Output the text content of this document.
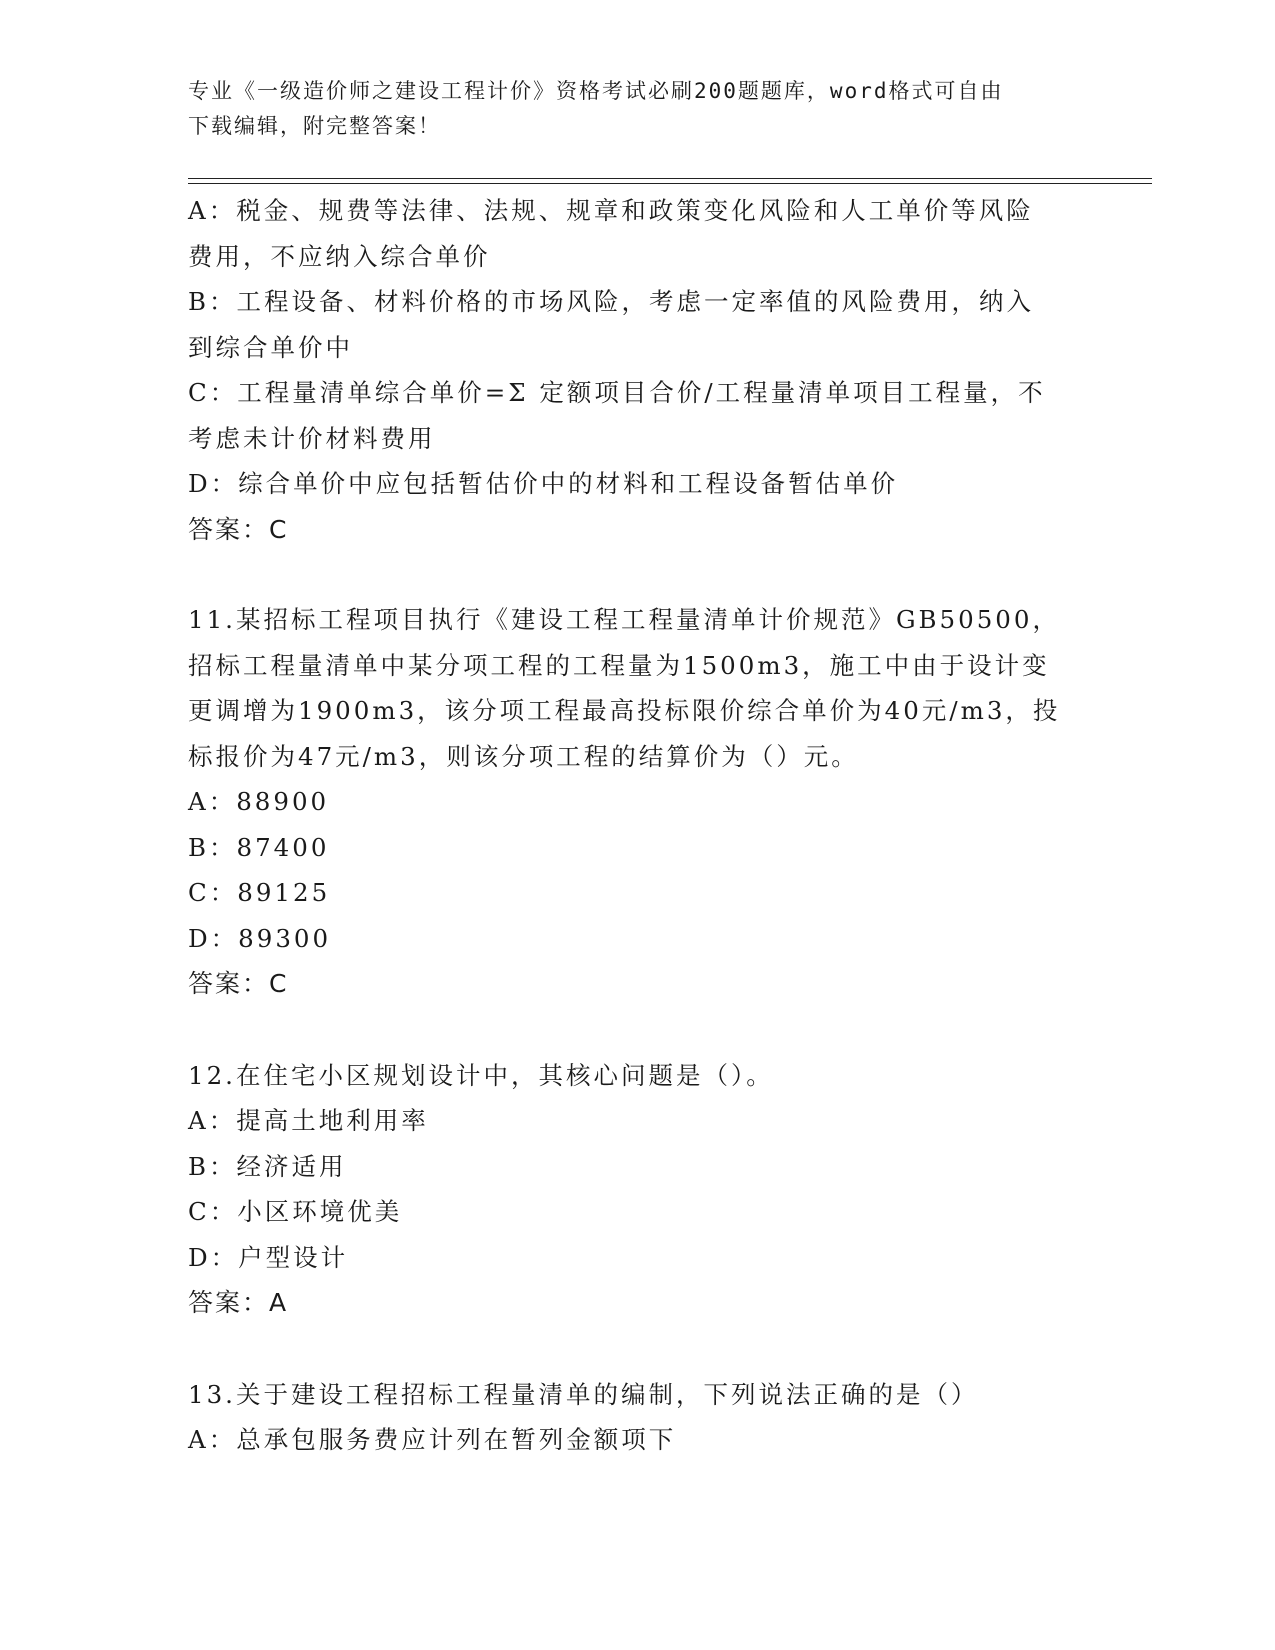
专业《一级造价师之建设工程计价》资格考试必刷200题题库，word格式可自由
下载编辑，附完整答案！
A：税金、规费等法律、法规、规章和政策变化风险和人工单价等风险
费用，不应纳入综合单价
B：工程设备、材料价格的市场风险，考虑一定率值的风险费用，纳入
到综合单价中
C：工程量清单综合单价=Σ 定额项目合价/工程量清单项目工程量，不
考虑未计价材料费用
D：综合单价中应包括暂估价中的材料和工程设备暂估单价
答案：C
11.某招标工程项目执行《建设工程工程量清单计价规范》GB50500，
招标工程量清单中某分项工程的工程量为1500m3，施工中由于设计变
更调增为1900m3，该分项工程最高投标限价综合单价为40元/m3，投
标报价为47元/m3，则该分项工程的结算价为（）元。
A：88900
B：87400
C：89125
D：89300
答案：C
12.在住宅小区规划设计中，其核心问题是（）。
A：提高土地利用率
B：经济适用
C：小区环境优美
D：户型设计
答案：A
13.关于建设工程招标工程量清单的编制，下列说法正确的是（）
A：总承包服务费应计列在暂列金额项下
